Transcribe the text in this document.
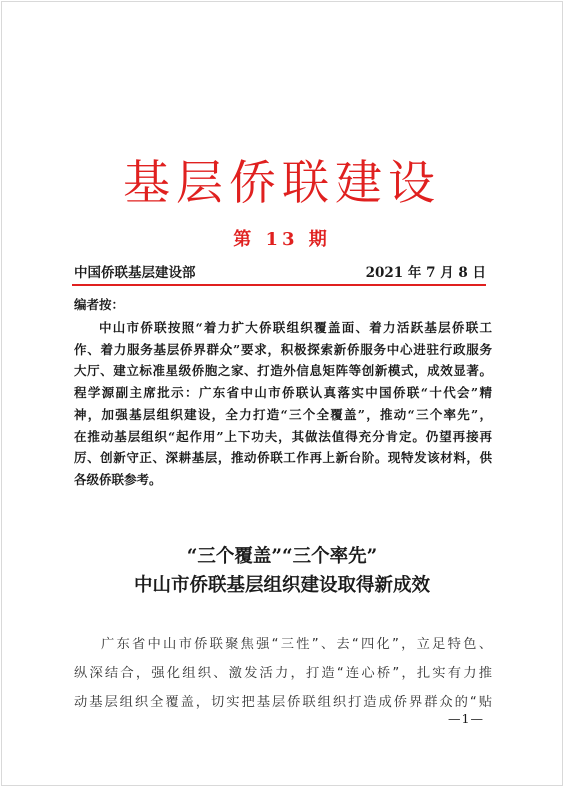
基层侨联建设
第 13 期
中国侨联基层建设部	2021 年 7 月 8 日
编者按：
中山市侨联按照“着力扩大侨联组织覆盖面、着力活跃基层侨联工
作、着力服务基层侨界群众”要求，积极探索新侨服务中心进驻行政服务
大厅、建立标准星级侨胞之家、打造外信息矩阵等创新模式，成效显著。
程学源副主席批示：广东省中山市侨联认真落实中国侨联“十代会”精
神，加强基层组织建设，全力打造“三个全覆盖”，推动“三个率先”，
在推动基层组织“起作用”上下功夫，其做法值得充分肯定。仍望再接再
厉、创新守正、深耕基层，推动侨联工作再上新台阶。现特发该材料，供
各级侨联参考。
“三个覆盖”“三个率先”
中山市侨联基层组织建设取得新成效
广东省中山市侨联聚焦强“三性”、去“四化”，立足特色、
纵深结合，强化组织、激发活力，打造“连心桥”，扎实有力推
动基层组织全覆盖，切实把基层侨联组织打造成侨界群众的“贴
—1—
